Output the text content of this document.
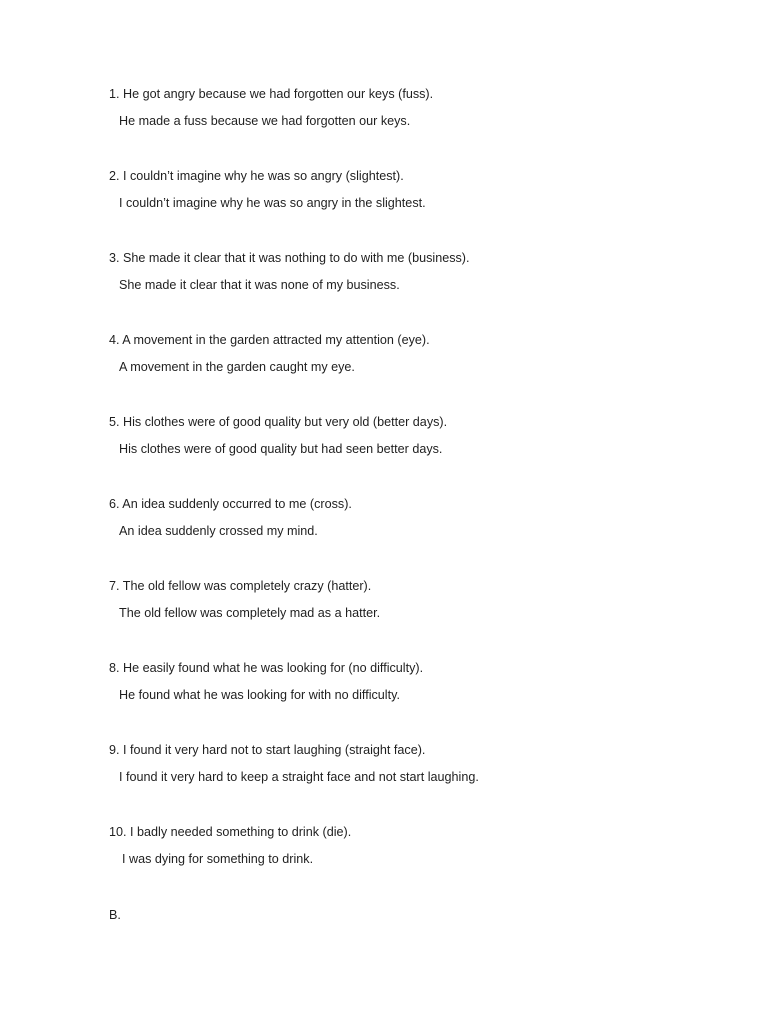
1. He got angry because we had forgotten our keys (fuss).
He made a fuss because we had forgotten our keys.
2. I couldn’t imagine why he was so angry (slightest).
I couldn’t imagine why he was so angry in the slightest.
3. She made it clear that it was nothing to do with me (business).
She made it clear that it was none of my business.
4. A movement in the garden attracted my attention (eye).
A movement in the garden caught my eye.
5. His clothes were of good quality but very old (better days).
His clothes were of good quality but had seen better days.
6. An idea suddenly occurred to me (cross).
An idea suddenly crossed my mind.
7. The old fellow was completely crazy (hatter).
The old fellow was completely mad as a hatter.
8. He easily found what he was looking for (no difficulty).
He found what he was looking for with no difficulty.
9. I found it very hard not to start laughing (straight face).
I found it very hard to keep a straight face and not start laughing.
10. I badly needed something to drink (die).
I was dying for something to drink.
B.
